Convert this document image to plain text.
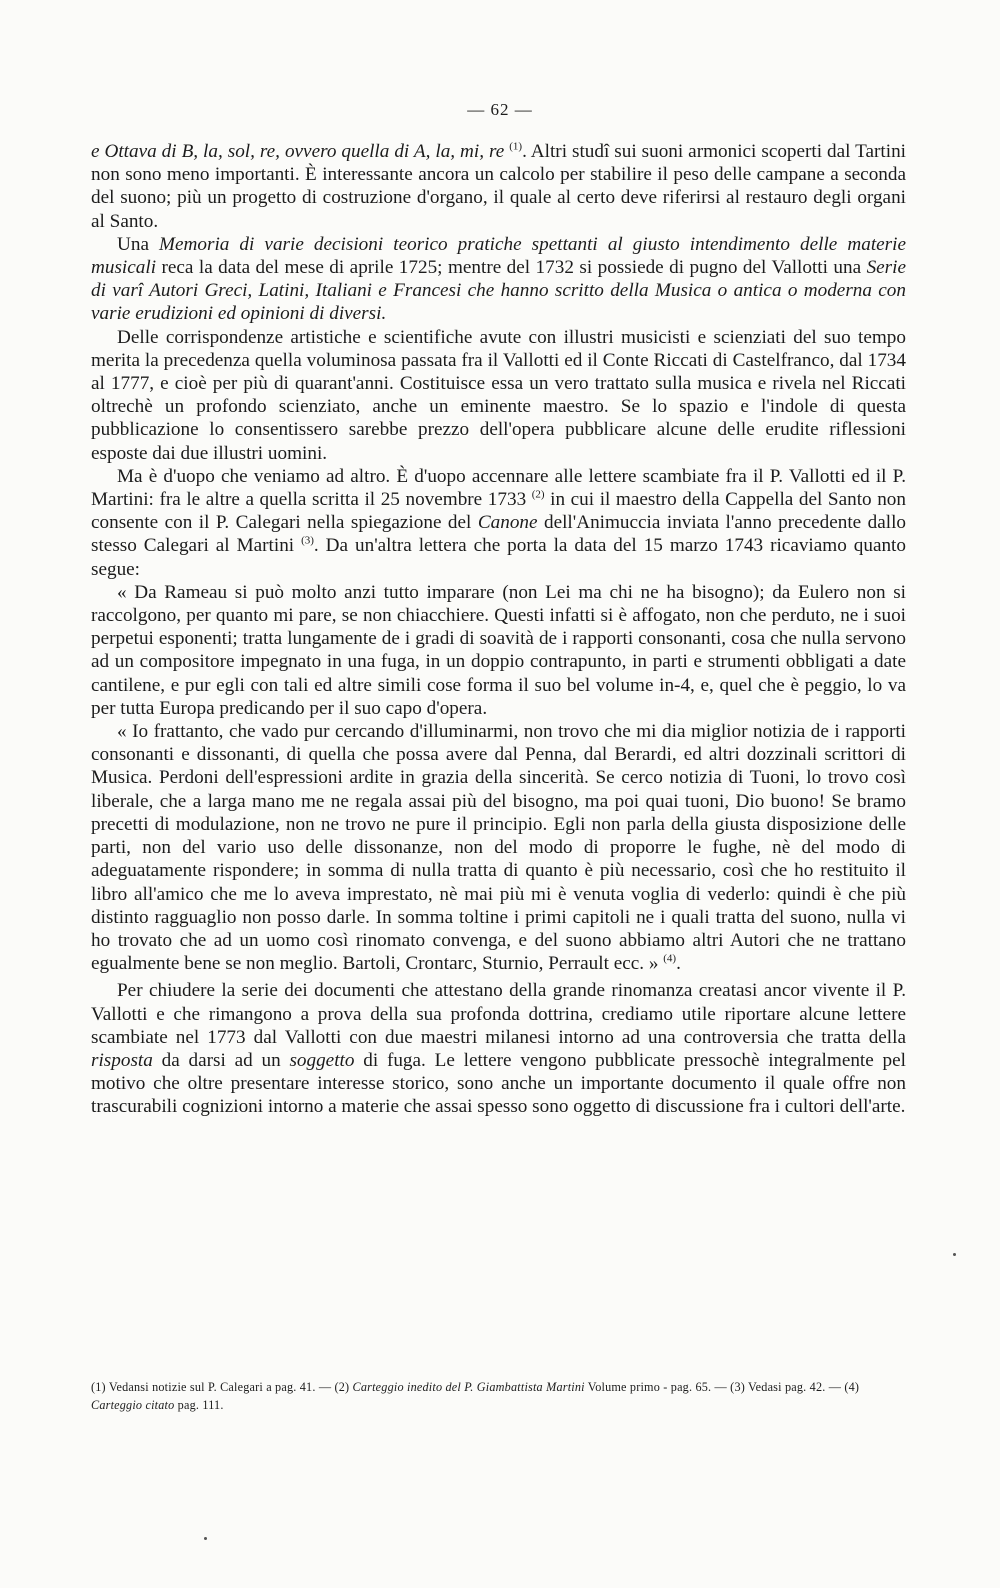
— 62 —

e Ottava di B, la, sol, re, ovvero quella di A, la, mi, re $^{(1)}$. Altri studî sui suoni armonici scoperti dal Tartini non sono meno importanti. È interessante ancora un calcolo per stabilire il peso delle campane a seconda del suono; più un progetto di costruzione d'organo, il quale al certo deve riferirsi al restauro degli organi al Santo.

Una Memoria di varie decisioni teorico pratiche spettanti al giusto intendimento delle materie musicali reca la data del mese di aprile 1725; mentre del 1732 si possiede di pugno del Vallotti una Serie di varî Autori Greci, Latini, Italiani e Francesi che hanno scritto della Musica o antica o moderna con varie erudizioni ed opinioni di diversi.

Delle corrispondenze artistiche e scientifiche avute con illustri musicisti e scienziati del suo tempo merita la precedenza quella voluminosa passata fra il Vallotti ed il Conte Riccati di Castelfranco, dal 1734 al 1777, e cioè per più di quarant'anni. Costituisce essa un vero trattato sulla musica e rivela nel Riccati oltrechè un profondo scienziato, anche un eminente maestro. Se lo spazio e l'indole di questa pubblicazione lo consentissero sarebbe prezzo dell'opera pubblicare alcune delle erudite riflessioni esposte dai due illustri uomini.

Ma è d'uopo che veniamo ad altro. È d'uopo accennare alle lettere scambiate fra il P. Vallotti ed il P. Martini: fra le altre a quella scritta il 25 novembre 1733 $^{(2)}$ in cui il maestro della Cappella del Santo non consente con il P. Calegari nella spiegazione del Canone dell'Animuccia inviata l'anno precedente dallo stesso Calegari al Martini $^{(3)}$. Da un'altra lettera che porta la data del 15 marzo 1743 ricaviamo quanto segue:

« Da Rameau si può molto anzi tutto imparare (non Lei ma chi ne ha bisogno); da Eulero non si raccolgono, per quanto mi pare, se non chiacchiere. Questi infatti si è affogato, non che perduto, ne i suoi perpetui esponenti; tratta lungamente de i gradi di soavità de i rapporti consonanti, cosa che nulla servono ad un compositore impegnato in una fuga, in un doppio contrapunto, in parti e strumenti obbligati a date cantilene, e pur egli con tali ed altre simili cose forma il suo bel volume in-4, e, quel che è peggio, lo va per tutta Europa predicando per il suo capo d'opera.

« Io frattanto, che vado pur cercando d'illuminarmi, non trovo che mi dia miglior notizia de i rapporti consonanti e dissonanti, di quella che possa avere dal Penna, dal Berardi, ed altri dozzinali scrittori di Musica. Perdoni dell'espressioni ardite in grazia della sincerità. Se cerco notizia di Tuoni, lo trovo così liberale, che a larga mano me ne regala assai più del bisogno, ma poi quai tuoni, Dio buono! Se bramo precetti di modulazione, non ne trovo ne pure il principio. Egli non parla della giusta disposizione delle parti, non del vario uso delle dissonanze, non del modo di proporre le fughe, nè del modo di adeguatamente rispondere; in somma di nulla tratta di quanto è più necessario, così che ho restituito il libro all'amico che me lo aveva imprestato, nè mai più mi è venuta voglia di vederlo: quindi è che più distinto ragguaglio non posso darle. In somma toltine i primi capitoli ne i quali tratta del suono, nulla vi ho trovato che ad un uomo così rinomato convenga, e del suono abbiamo altri Autori che ne trattano egualmente bene se non meglio. Bartoli, Crontarc, Sturnio, Perrault ecc. » $^{(4)}$.

Per chiudere la serie dei documenti che attestano della grande rinomanza creatasi ancor vivente il P. Vallotti e che rimangono a prova della sua profonda dottrina, crediamo utile riportare alcune lettere scambiate nel 1773 dal Vallotti con due maestri milanesi intorno ad una controversia che tratta della risposta da darsi ad un soggetto di fuga. Le lettere vengono pubblicate pressochè integralmente pel motivo che oltre presentare interesse storico, sono anche un importante documento il quale offre non trascurabili cognizioni intorno a materie che assai spesso sono oggetto di discussione fra i cultori dell'arte.

(1) Vedansi notizie sul P. Calegari a pag. 41. — (2) Carteggio inedito del P. Giambattista Martini Volume primo - pag. 65. — (3) Vedasi pag. 42. — (4) Carteggio citato pag. 111.
